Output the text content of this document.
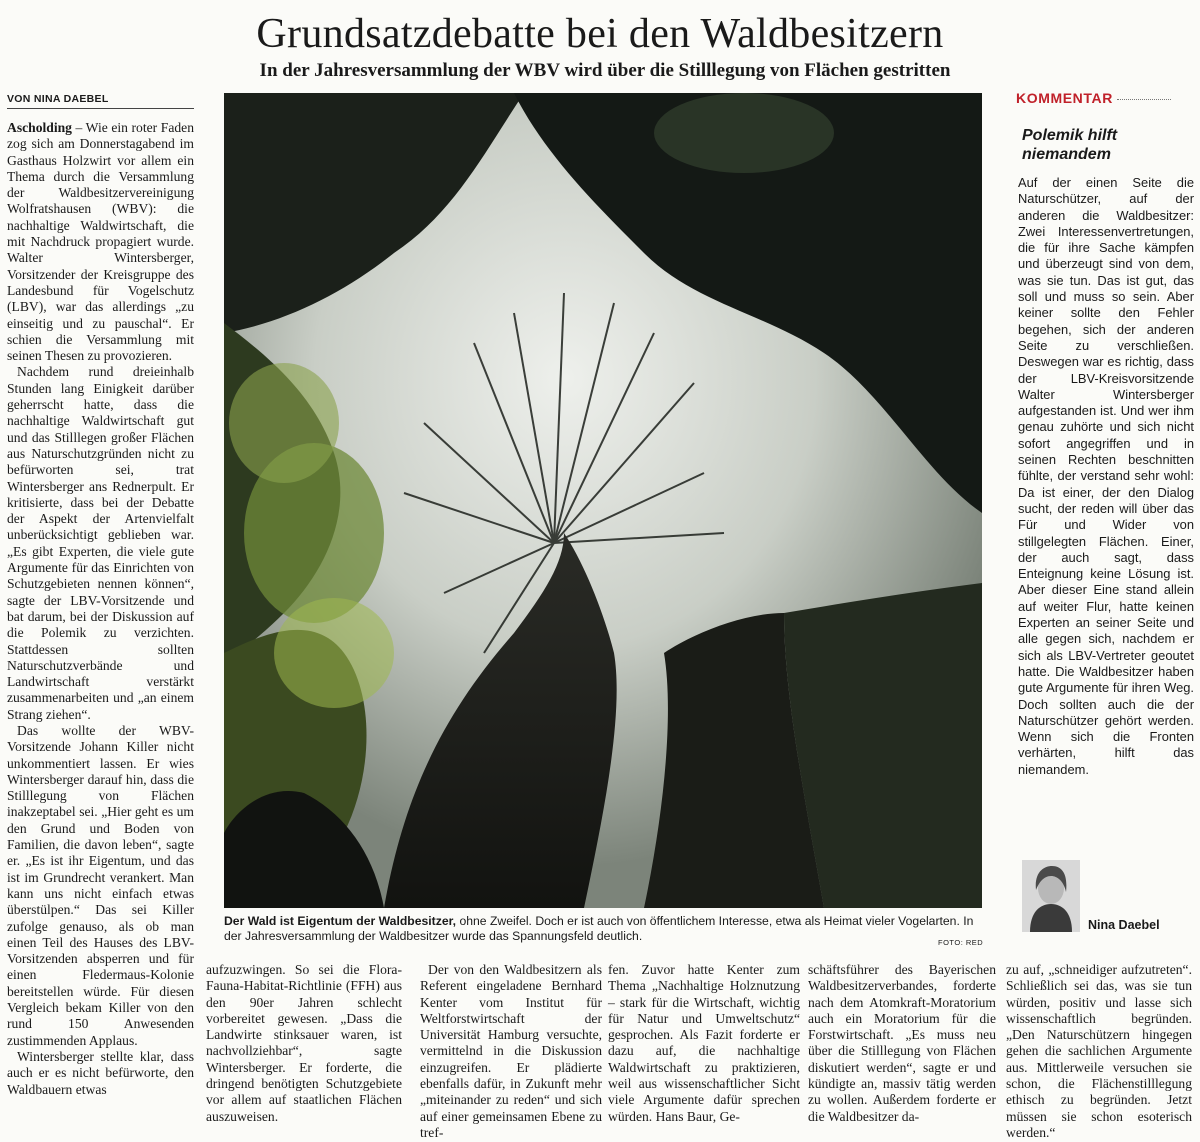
Grundsatzdebatte bei den Waldbesitzern
In der Jahresversammlung der WBV wird über die Stilllegung von Flächen gestritten
VON NINA DAEBEL

Ascholding – Wie ein roter Faden zog sich am Donnerstagabend im Gasthaus Holzwirt vor allem ein Thema durch die Versammlung der Waldbesitzervereinigung Wolfratshausen (WBV): die nachhaltige Waldwirtschaft, die mit Nachdruck propagiert wurde. Walter Wintersberger, Vorsitzender der Kreisgruppe des Landesbund für Vogelschutz (LBV), war das allerdings „zu einseitig und zu pauschal“. Er schien die Versammlung mit seinen Thesen zu provozieren.

Nachdem rund dreieinhalb Stunden lang Einigkeit darüber geherrscht hatte, dass die nachhaltige Waldwirtschaft gut und das Stilllegen großer Flächen aus Naturschutzgründen nicht zu befürworten sei, trat Wintersberger ans Rednerpult. Er kritisierte, dass bei der Debatte der Aspekt der Artenvielfalt unberücksichtigt geblieben war. „Es gibt Experten, die viele gute Argumente für das Einrichten von Schutzgebieten nennen können“, sagte der LBV-Vorsitzende und bat darum, bei der Diskussion auf die Polemik zu verzichten. Stattdessen sollten Naturschutzverbände und Landwirtschaft verstärkt zusammenarbeiten und „an einem Strang ziehen“.

Das wollte der WBV-Vorsitzende Johann Killer nicht unkommentiert lassen. Er wies Wintersberger darauf hin, dass die Stilllegung von Flächen inakzeptabel sei. „Hier geht es um den Grund und Boden von Familien, die davon leben“, sagte er. „Es ist ihr Eigentum, und das ist im Grundrecht verankert. Man kann uns nicht einfach etwas überstülpen.“ Das sei Killer zufolge genauso, als ob man einen Teil des Hauses des LBV-Vorsitzenden absperren und für einen Fledermaus-Kolonie bereitstellen würde. Für diesen Vergleich bekam Killer von den rund 150 Anwesenden zustimmenden Applaus.

Wintersberger stellte klar, dass auch er es nicht befürworte, den Waldbauern etwas

Der Wald ist Eigentum der Waldbesitzer, ohne Zweifel. Doch er ist auch von öffentlichem Interesse, etwa als Heimat vieler Vogelarten. In der Jahresversammlung der Waldbesitzer wurde das Spannungsfeld deutlich.	FOTO: RED
aufzuzwingen. So sei die Flora-Fauna-Habitat-Richtlinie (FFH) aus den 90er Jahren schlecht vorbereitet gewesen. „Dass die Landwirte stinksauer waren, ist nachvollziehbar“, sagte Wintersberger. Er forderte, die dringend benötigten Schutzgebiete vor allem auf staatlichen Flächen auszuweisen.

Der von den Waldbesitzern als Referent eingeladene Bernhard Kenter vom Institut für Weltforstwirtschaft der Universität Hamburg versuchte, vermittelnd in die Diskussion einzugreifen. Er plädierte ebenfalls dafür, in Zukunft mehr „miteinander zu reden“ und sich auf einer gemeinsamen Ebene zu tref-

fen. Zuvor hatte Kenter zum Thema „Nachhaltige Holznutzung – stark für die Wirtschaft, wichtig für Natur und Umweltschutz“ gesprochen. Als Fazit forderte er dazu auf, die nachhaltige Waldwirtschaft zu praktizieren, weil aus wissenschaftlicher Sicht viele Argumente dafür sprechen würden. Hans Baur, Ge-
schäftsführer des Bayerischen Waldbesitzerverbandes, forderte nach dem Atomkraft-Moratorium auch ein Moratorium für die Forstwirtschaft. „Es muss neu über die Stilllegung von Flächen diskutiert werden“, sagte er und kündigte an, massiv tätig werden zu wollen. Außerdem forderte er die Waldbesitzer da-
zu auf, „schneidiger aufzutreten“. Schließlich sei das, was sie tun würden, positiv und lasse sich wissenschaftlich begründen. „Den Naturschützern hingegen gehen die sachlichen Argumente aus. Mittlerweile versuchen sie schon, die Flächenstilllegung ethisch zu begründen. Jetzt müssen sie schon esoterisch werden.“
KOMMENTAR
Polemik hilft niemandem
Auf der einen Seite die Naturschützer, auf der anderen die Waldbesitzer: Zwei Interessenvertretungen, die für ihre Sache kämpfen und überzeugt sind von dem, was sie tun. Das ist gut, das soll und muss so sein. Aber keiner sollte den Fehler begehen, sich der anderen Seite zu verschließen. Deswegen war es richtig, dass der LBV-Kreisvorsitzende Walter Wintersberger aufgestanden ist. Und wer ihm genau zuhörte und sich nicht sofort angegriffen und in seinen Rechten beschnitten fühlte, der verstand sehr wohl: Da ist einer, der den Dialog sucht, der reden will über das Für und Wider von stillgelegten Flächen. Einer, der auch sagt, dass Enteignung keine Lösung ist. Aber dieser Eine stand allein auf weiter Flur, hatte keinen Experten an seiner Seite und alle gegen sich, nachdem er sich als LBV-Vertreter geoutet hatte. Die Waldbesitzer haben gute Argumente für ihren Weg. Doch sollten auch die der Naturschützer gehört werden. Wenn sich die Fronten verhärten, hilft das niemandem.
Nina Daebel
